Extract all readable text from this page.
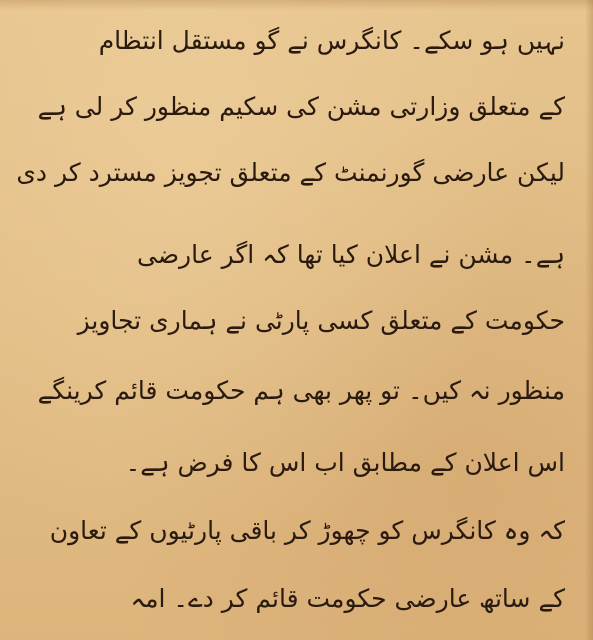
نہیں ہو سکے۔ کانگرس نے گو مستقل انتظام
کے متعلق وزارتی مشن کی سکیم منظور کر لی ہے
لیکن عارضی گورنمنٹ کے متعلق تجویز مسترد کر دی
ہے۔ مشن نے اعلان کیا تھا کہ اگر عارضی
حکومت کے متعلق کسی پارٹی نے ہماری تجاویز
منظور نہ کیں۔ تو پھر بھی ہم حکومت قائم کرینگے
اس اعلان کے مطابق اب اس کا فرض ہے۔
کہ وہ کانگرس کو چھوڑ کر باقی پارٹیوں کے تعاون
کے ساتھ عارضی حکومت قائم کر دے۔ امہ
